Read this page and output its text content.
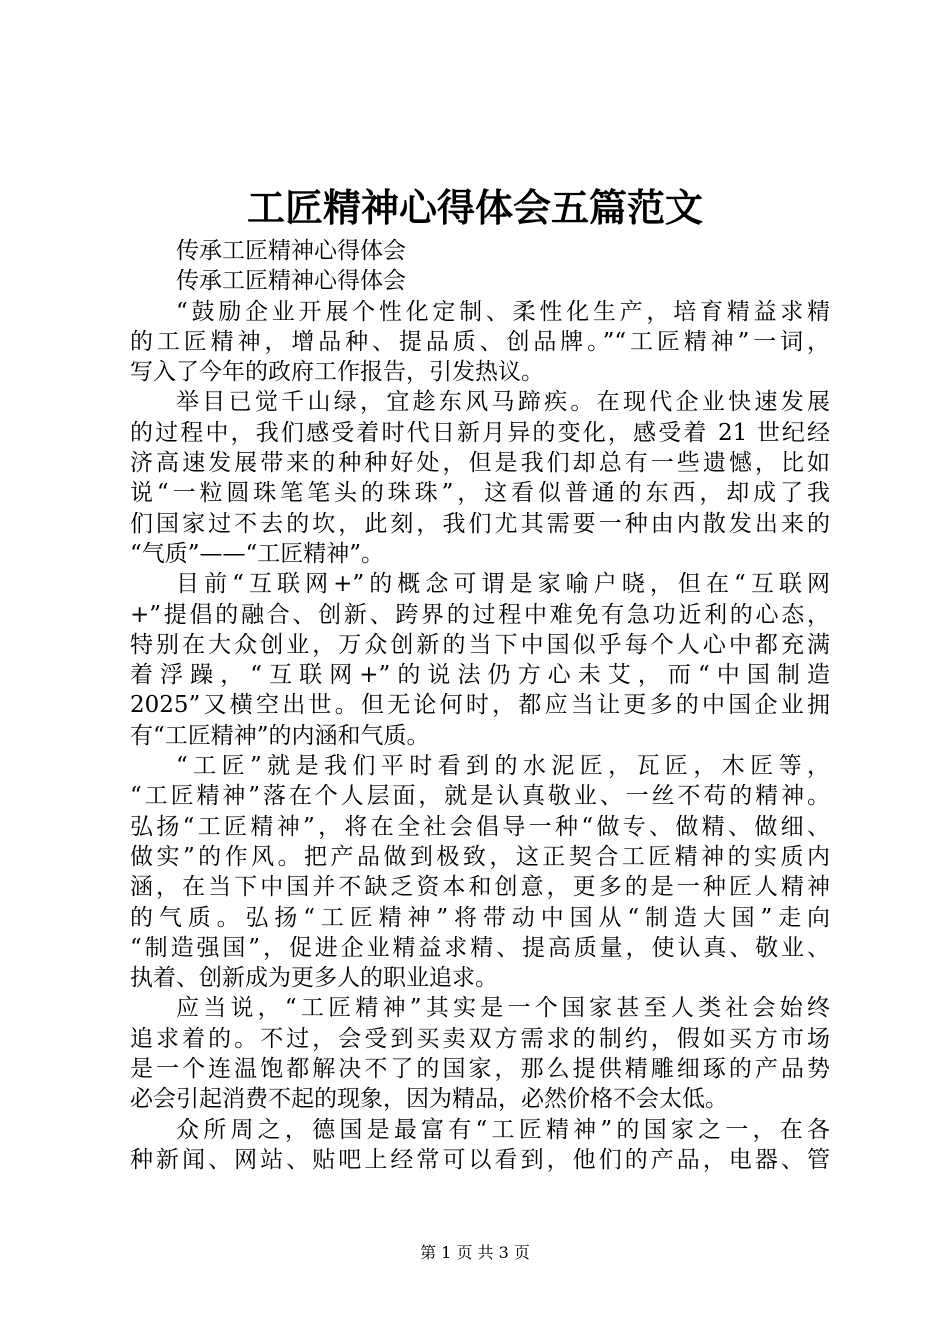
工匠精神心得体会五篇范文
传承工匠精神心得体会
传承工匠精神心得体会
“鼓励企业开展个性化定制、柔性化生产，培育精益求精
的工匠精神，增品种、提品质、创品牌。”“工匠精神”一词，
写入了今年的政府工作报告，引发热议。
举目已觉千山绿，宜趁东风马蹄疾。在现代企业快速发展
的过程中，我们感受着时代日新月异的变化，感受着 21 世纪经
济高速发展带来的种种好处，但是我们却总有一些遗憾，比如
说“一粒圆珠笔笔头的珠珠”，这看似普通的东西，却成了我
们国家过不去的坎，此刻，我们尤其需要一种由内散发出来的
“气质”——“工匠精神”。
目前“互联网+”的概念可谓是家喻户晓，但在“互联网
+”提倡的融合、创新、跨界的过程中难免有急功近利的心态，
特别在大众创业，万众创新的当下中国似乎每个人心中都充满
着浮躁，“互联网+”的说法仍方心未艾，而“中国制造
2025”又横空出世。但无论何时，都应当让更多的中国企业拥
有“工匠精神”的内涵和气质。
“工匠”就是我们平时看到的水泥匠，瓦匠，木匠等，
“工匠精神”落在个人层面，就是认真敬业、一丝不苟的精神。
弘扬“工匠精神”，将在全社会倡导一种“做专、做精、做细、
做实”的作风。把产品做到极致，这正契合工匠精神的实质内
涵，在当下中国并不缺乏资本和创意，更多的是一种匠人精神
的气质。弘扬“工匠精神”将带动中国从“制造大国”走向
“制造强国”，促进企业精益求精、提高质量，使认真、敬业、
执着、创新成为更多人的职业追求。
应当说，“工匠精神”其实是一个国家甚至人类社会始终
追求着的。不过，会受到买卖双方需求的制约，假如买方市场
是一个连温饱都解决不了的国家，那么提供精雕细琢的产品势
必会引起消费不起的现象，因为精品，必然价格不会太低。
众所周之，德国是最富有“工匠精神”的国家之一，在各
种新闻、网站、贴吧上经常可以看到，他们的产品，电器、管
第 1 页 共 3 页
